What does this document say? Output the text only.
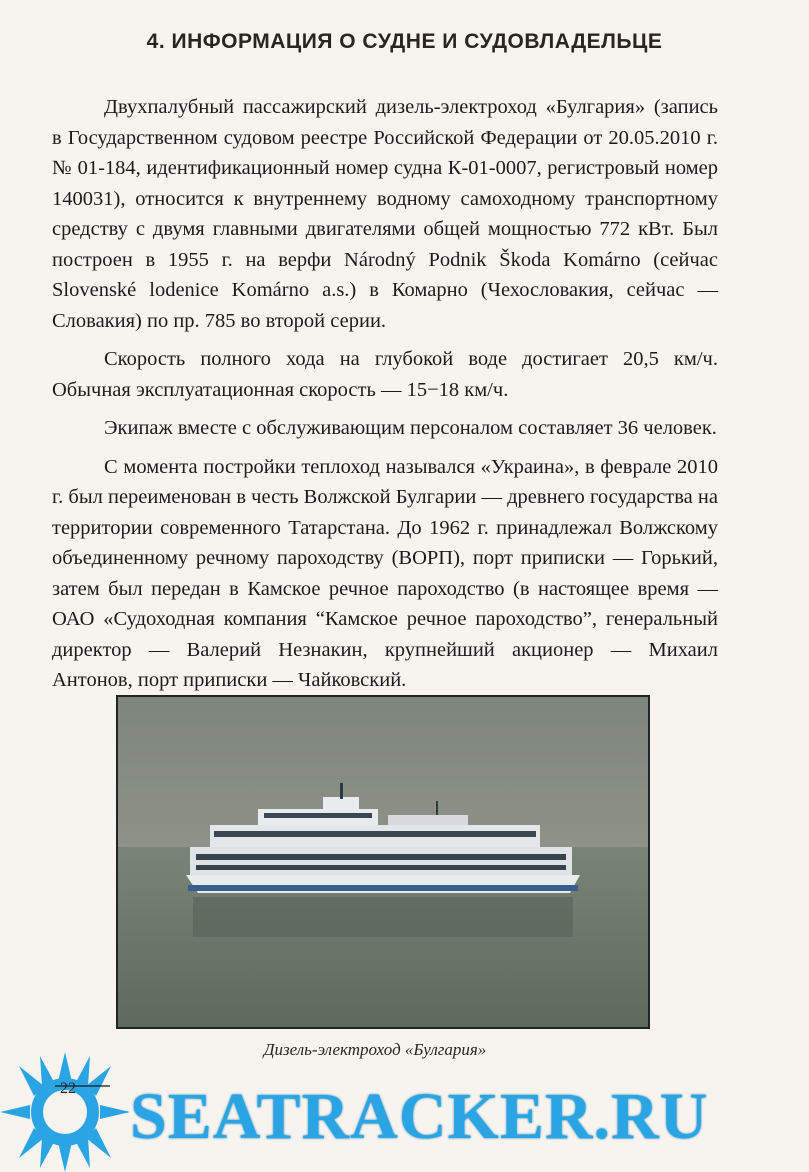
4. ИНФОРМАЦИЯ О СУДНЕ И СУДОВЛАДЕЛЬЦЕ

Двухпалубный пассажирский дизель-электроход «Булгария» (запись в Государственном судовом реестре Российской Федерации от 20.05.2010 г. № 01-184, идентификационный номер судна К-01-0007, регистровый номер 140031), относится к внутреннему водному самоходному транспортному средству с двумя главными двигателями общей мощностью 772 кВт. Был построен в 1955 г. на верфи Národný Podnik Škoda Komárno (сейчас Slovenské lodenice Komárno a.s.) в Комарно (Чехословакия, сейчас — Словакия) по пр. 785 во второй серии.

Скорость полного хода на глубокой воде достигает 20,5 км/ч. Обычная эксплуатационная скорость — 15−18 км/ч.

Экипаж вместе с обслуживающим персоналом составляет 36 человек.

С момента постройки теплоход назывался «Украина», в феврале 2010 г. был переименован в честь Волжской Булгарии — древнего государства на территории современного Татарстана. До 1962 г. принадлежал Волжскому объединенному речному пароходству (ВОРП), порт приписки — Горький, затем был передан в Камское речное пароходство (в настоящее время — ОАО «Судоходная компания “Камское речное пароходство”, генеральный директор — Валерий Незнакин, крупнейший акционер — Михаил Антонов, порт приписки — Чайковский.

Дизель-электроход «Булгария»
22 SEATRACKER.RU
